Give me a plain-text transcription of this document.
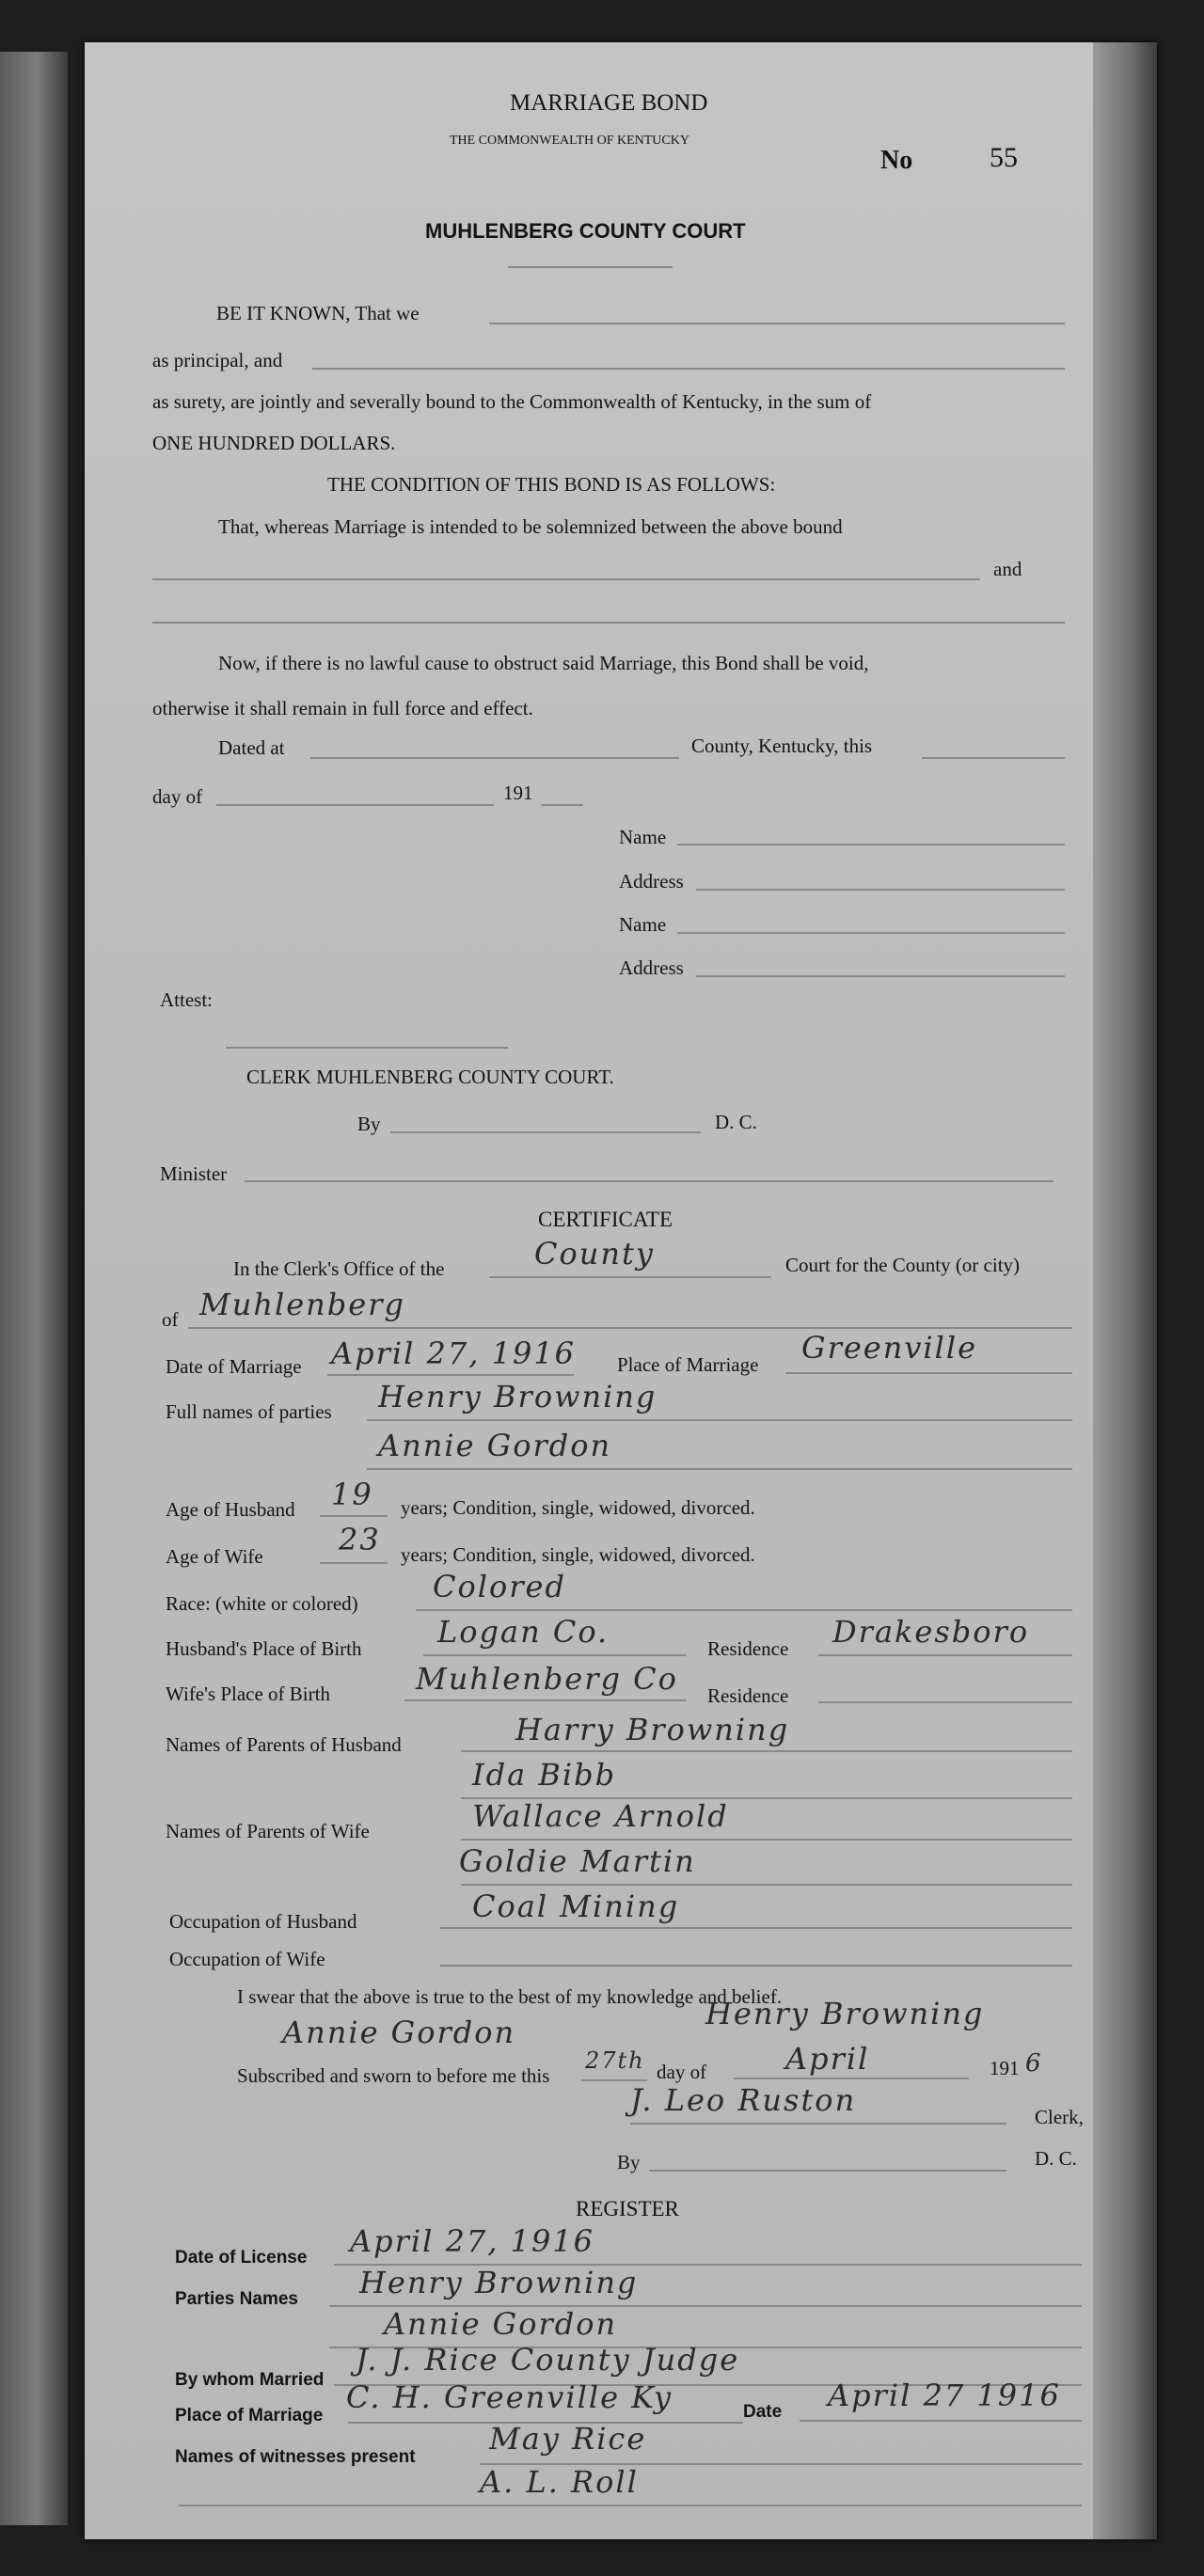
MARRIAGE BOND
THE COMMONWEALTH OF KENTUCKY
No	55
MUHLENBERG COUNTY COURT
BE IT KNOWN, That we
as principal, and
as surety, are jointly and severally bound to the Commonwealth of Kentucky, in the sum of
ONE HUNDRED DOLLARS.
THE CONDITION OF THIS BOND IS AS FOLLOWS:
That, whereas Marriage is intended to be solemnized between the above bound
and
Now, if there is no lawful cause to obstruct said Marriage, this Bond shall be void,
otherwise it shall remain in full force and effect.
Dated at	County, Kentucky, this
day of	191
Name
Address
Name
Address
Attest:
CLERK MUHLENBERG COUNTY COURT.
By	D. C.
Minister
CERTIFICATE
In the Clerk's Office of the	County	Court for the County (or city)
of Muhlenberg
Date of Marriage April 27, 1916 Place of Marriage Greenville
Full names of parties Henry Browning
Annie Gordon
Age of Husband 19 years; Condition, single, widowed, divorced.
Age of Wife	23 years; Condition, single, widowed, divorced.
Race: (white or colored) Colored
Husband's Place of Birth	Logan Co.	Residence Drakesboro
Wife's Place of Birth	Muhlenberg Co Residence
Names of Parents of Husband	Harry Browning
Ida Bibb
Names of Parents of Wife	Wallace Arnold
Goldie Martin
Occupation of Husband	Coal Mining
Occupation of Wife
I swear that the above is true to the best of my knowledge and belief.
Annie Gordon
Henry Browning
Subscribed and sworn to before me this
27th day of	April	191 6
J. Leo Ruston	Clerk,
By	D. C.
REGISTER
Date of License April 27, 1916
Parties Names Henry Browning
Annie Gordon
By whom Married
J. J. Rice County Judge
Place of Marriage
C. H. Greenville Ky	Date April 27 1916
Names of witnesses present
May Rice
A. L. Roll
